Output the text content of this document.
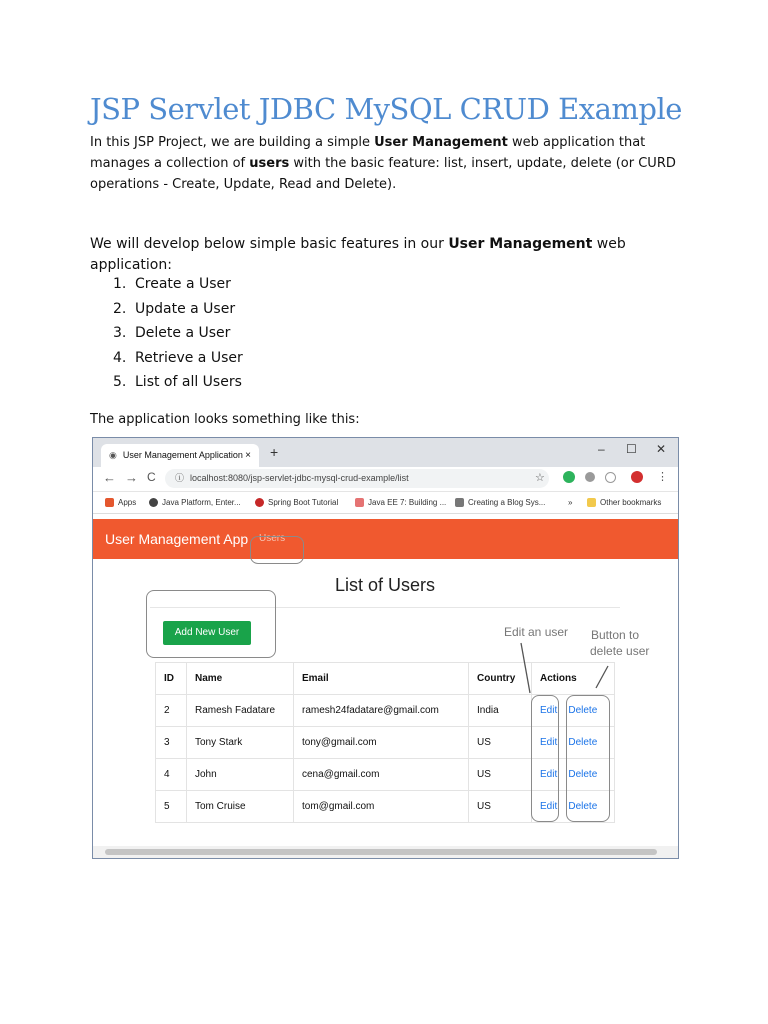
JSP Servlet JDBC MySQL CRUD Example
In this JSP Project, we are building a simple User Management web application that manages a collection of users with the basic feature: list, insert, update, delete (or CURD operations - Create, Update, Read and Delete).
We will develop below simple basic features in our User Management web application:
1. Create a User
2. Update a User
3. Delete a User
4. Retrieve a User
5. List of all Users
The application looks something like this:
◉ User Management Application × +	– ☐ ✕
← → C	ⓘ localhost:8080/jsp-servlet-jdbc-mysql-crud-example/list	☆	⋮
Apps	Java Platform, Enter...	Spring Boot Tutorial	Java EE 7: Building ...	Creating a Blog Sys...	»	Other bookmarks
User Management App Users
List of Users
Add New User
ID	Name	Email	Country	Actions
2	Ramesh Fadatare	ramesh24fadatare@gmail.com	India	Edit Delete
3	Tony Stark	tony@gmail.com	US	Edit Delete
4	John	cena@gmail.com	US	Edit Delete
5	Tom Cruise	tom@gmail.com	US	Edit Delete
Edit an user Button to
delete user
